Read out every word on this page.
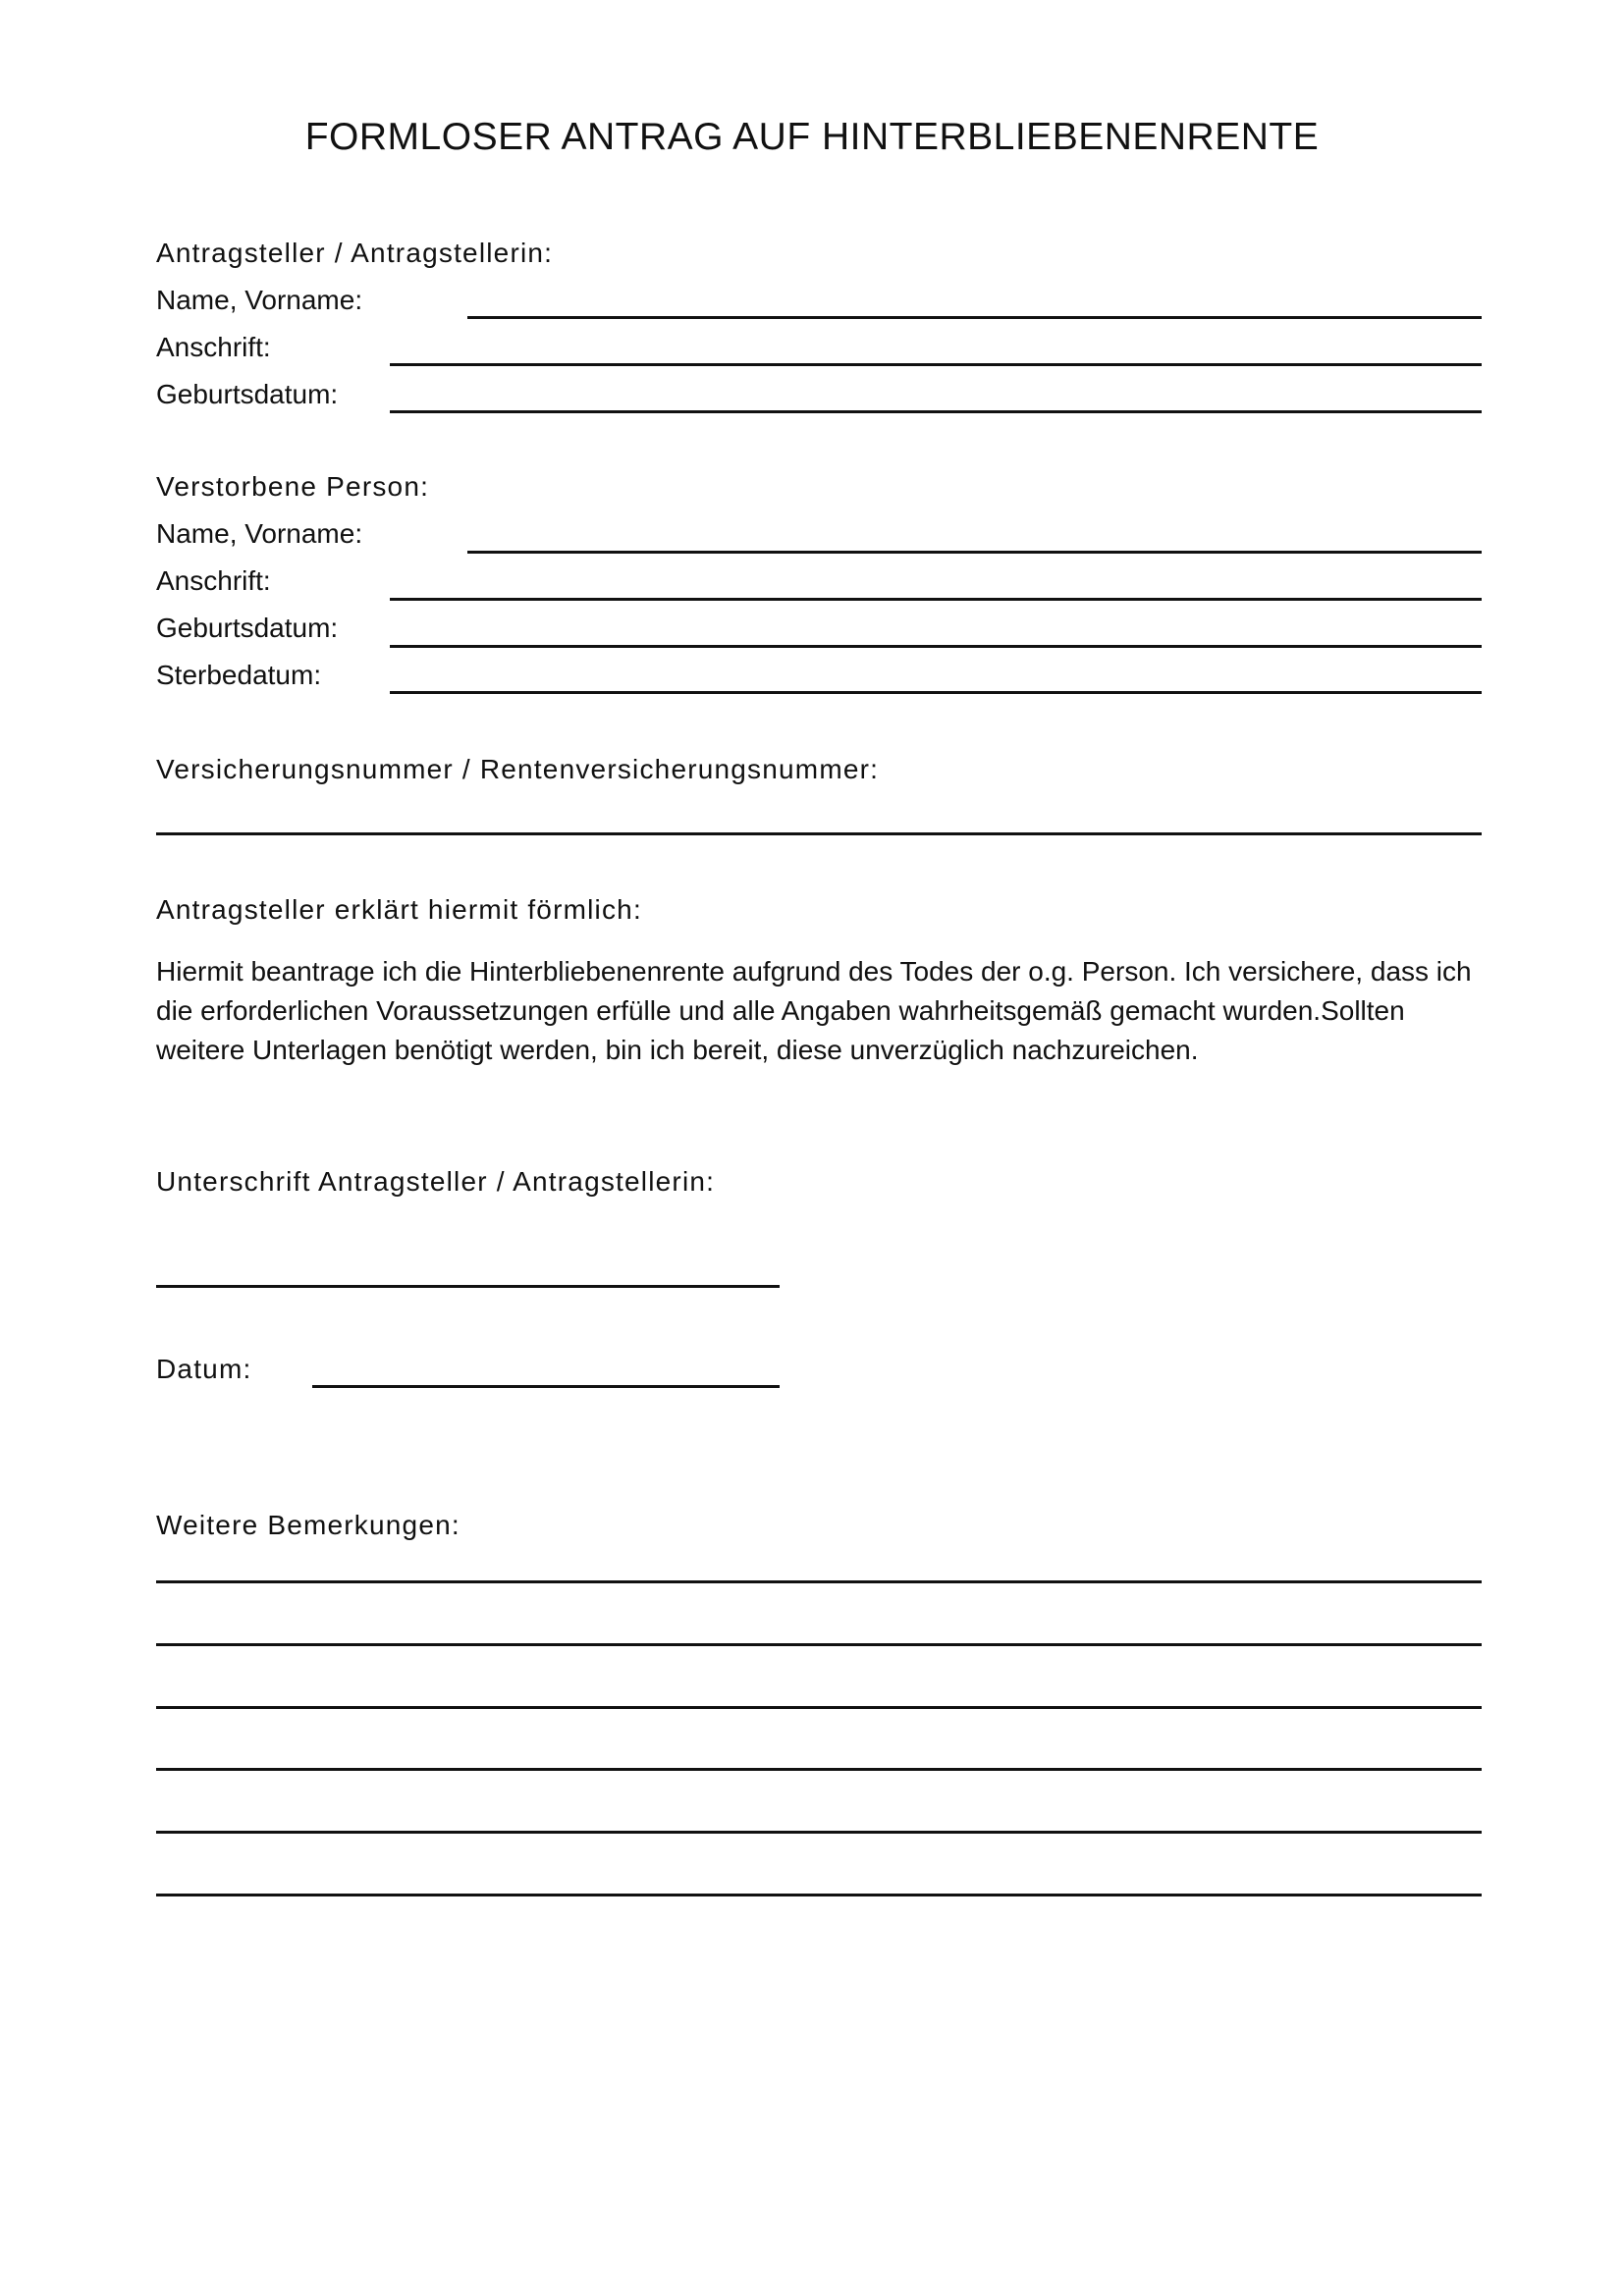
FORMLOSER ANTRAG AUF HINTERBLIEBENENRENTE
Antragsteller / Antragstellerin:
Name, Vorname:
Anschrift:
Geburtsdatum:
Verstorbene Person:
Name, Vorname:
Anschrift:
Geburtsdatum:
Sterbedatum:
Versicherungsnummer / Rentenversicherungsnummer:
Antragsteller erklärt hiermit förmlich:
Hiermit beantrage ich die Hinterbliebenenrente aufgrund des Todes der o.g. Person. Ich versichere, dass ich
die erforderlichen Voraussetzungen erfülle und alle Angaben wahrheitsgemäß gemacht wurden.Sollten
weitere Unterlagen benötigt werden, bin ich bereit, diese unverzüglich nachzureichen.
Unterschrift Antragsteller / Antragstellerin:
Datum:
Weitere Bemerkungen:
